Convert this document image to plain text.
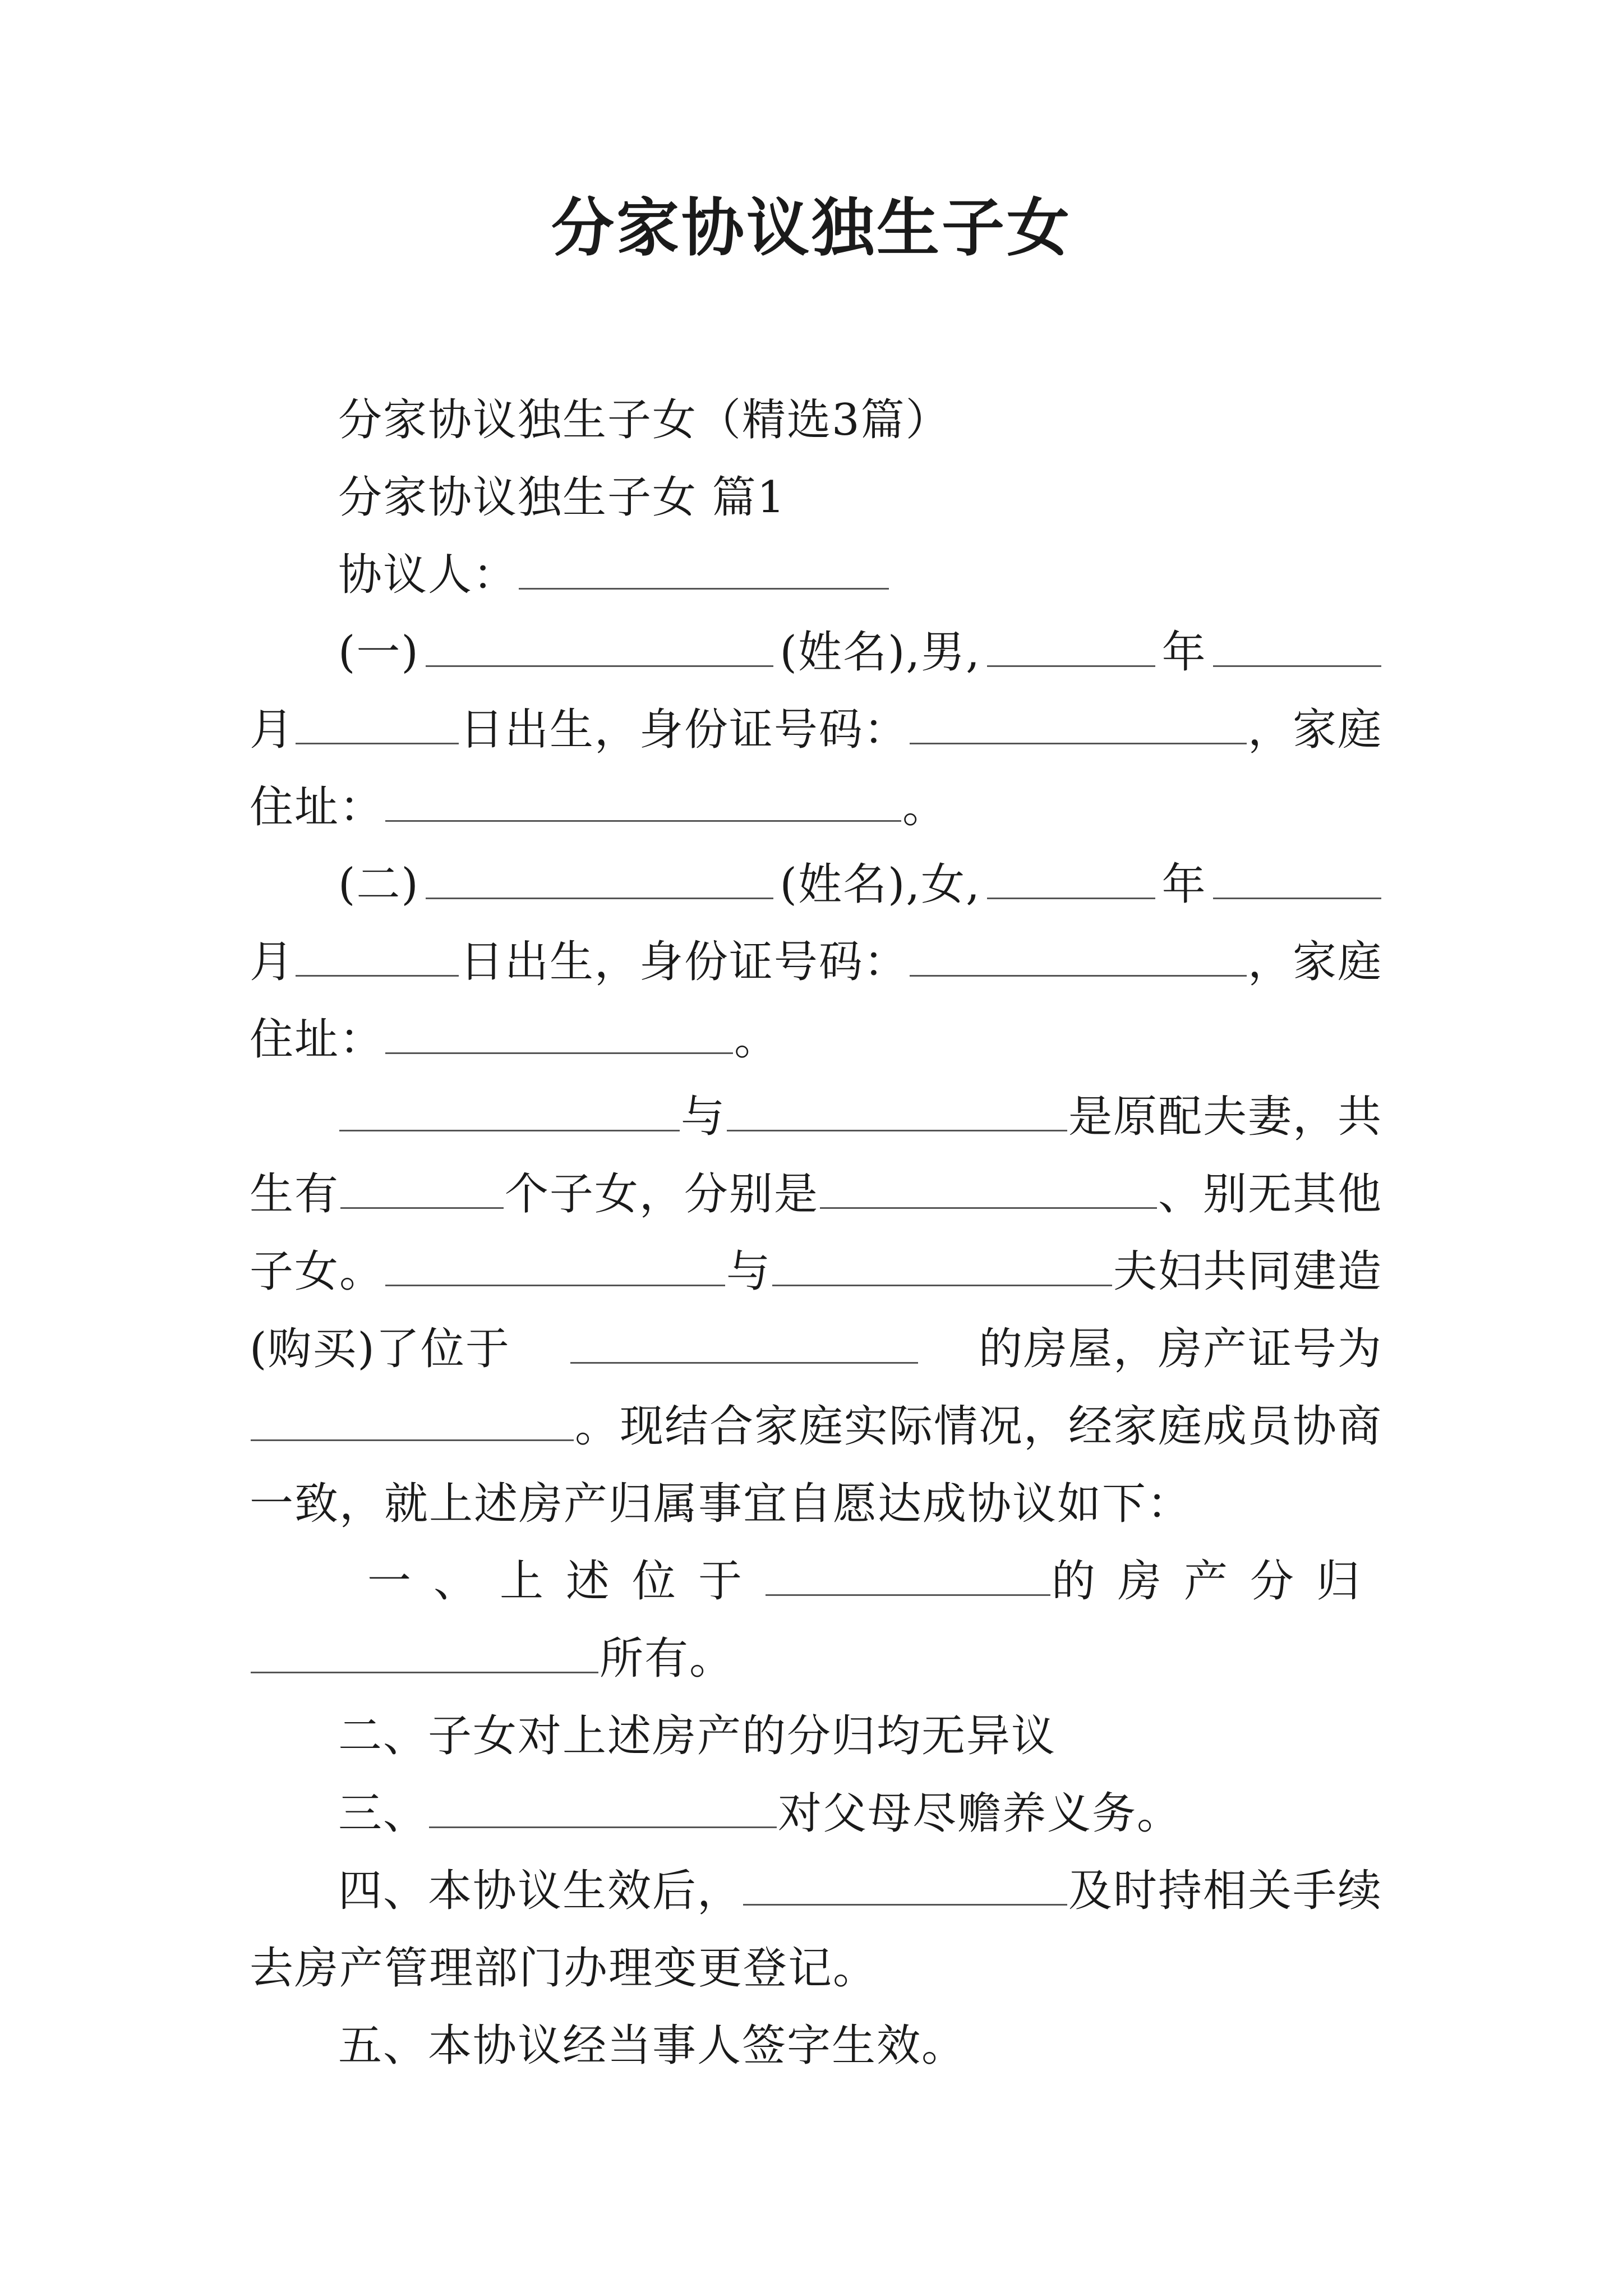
分家协议独生子女

分家协议独生子女（精选3篇）

分家协议独生子女 篇1

协议人：

(一)	(姓名),男,	年

月	日出生，身份证号码：	，家庭

住址：	。

(二)	(姓名),女,	年

月	日出生，身份证号码：	，家庭

住址：	。

与	是原配夫妻，共

生有	个子女，分别是	、别无其他

子女。	与	夫妇共同建造

(购买)了位于	的房屋，房产证号为

。现结合家庭实际情况，经家庭成员协商

一致，就上述房产归属事宜自愿达成协议如下：

一、上述位于	的房产分归

所有。

二、子女对上述房产的分归均无异议

三、	对父母尽赡养义务。

四、本协议生效后，	及时持相关手续

去房产管理部门办理变更登记。

五、本协议经当事人签字生效。
